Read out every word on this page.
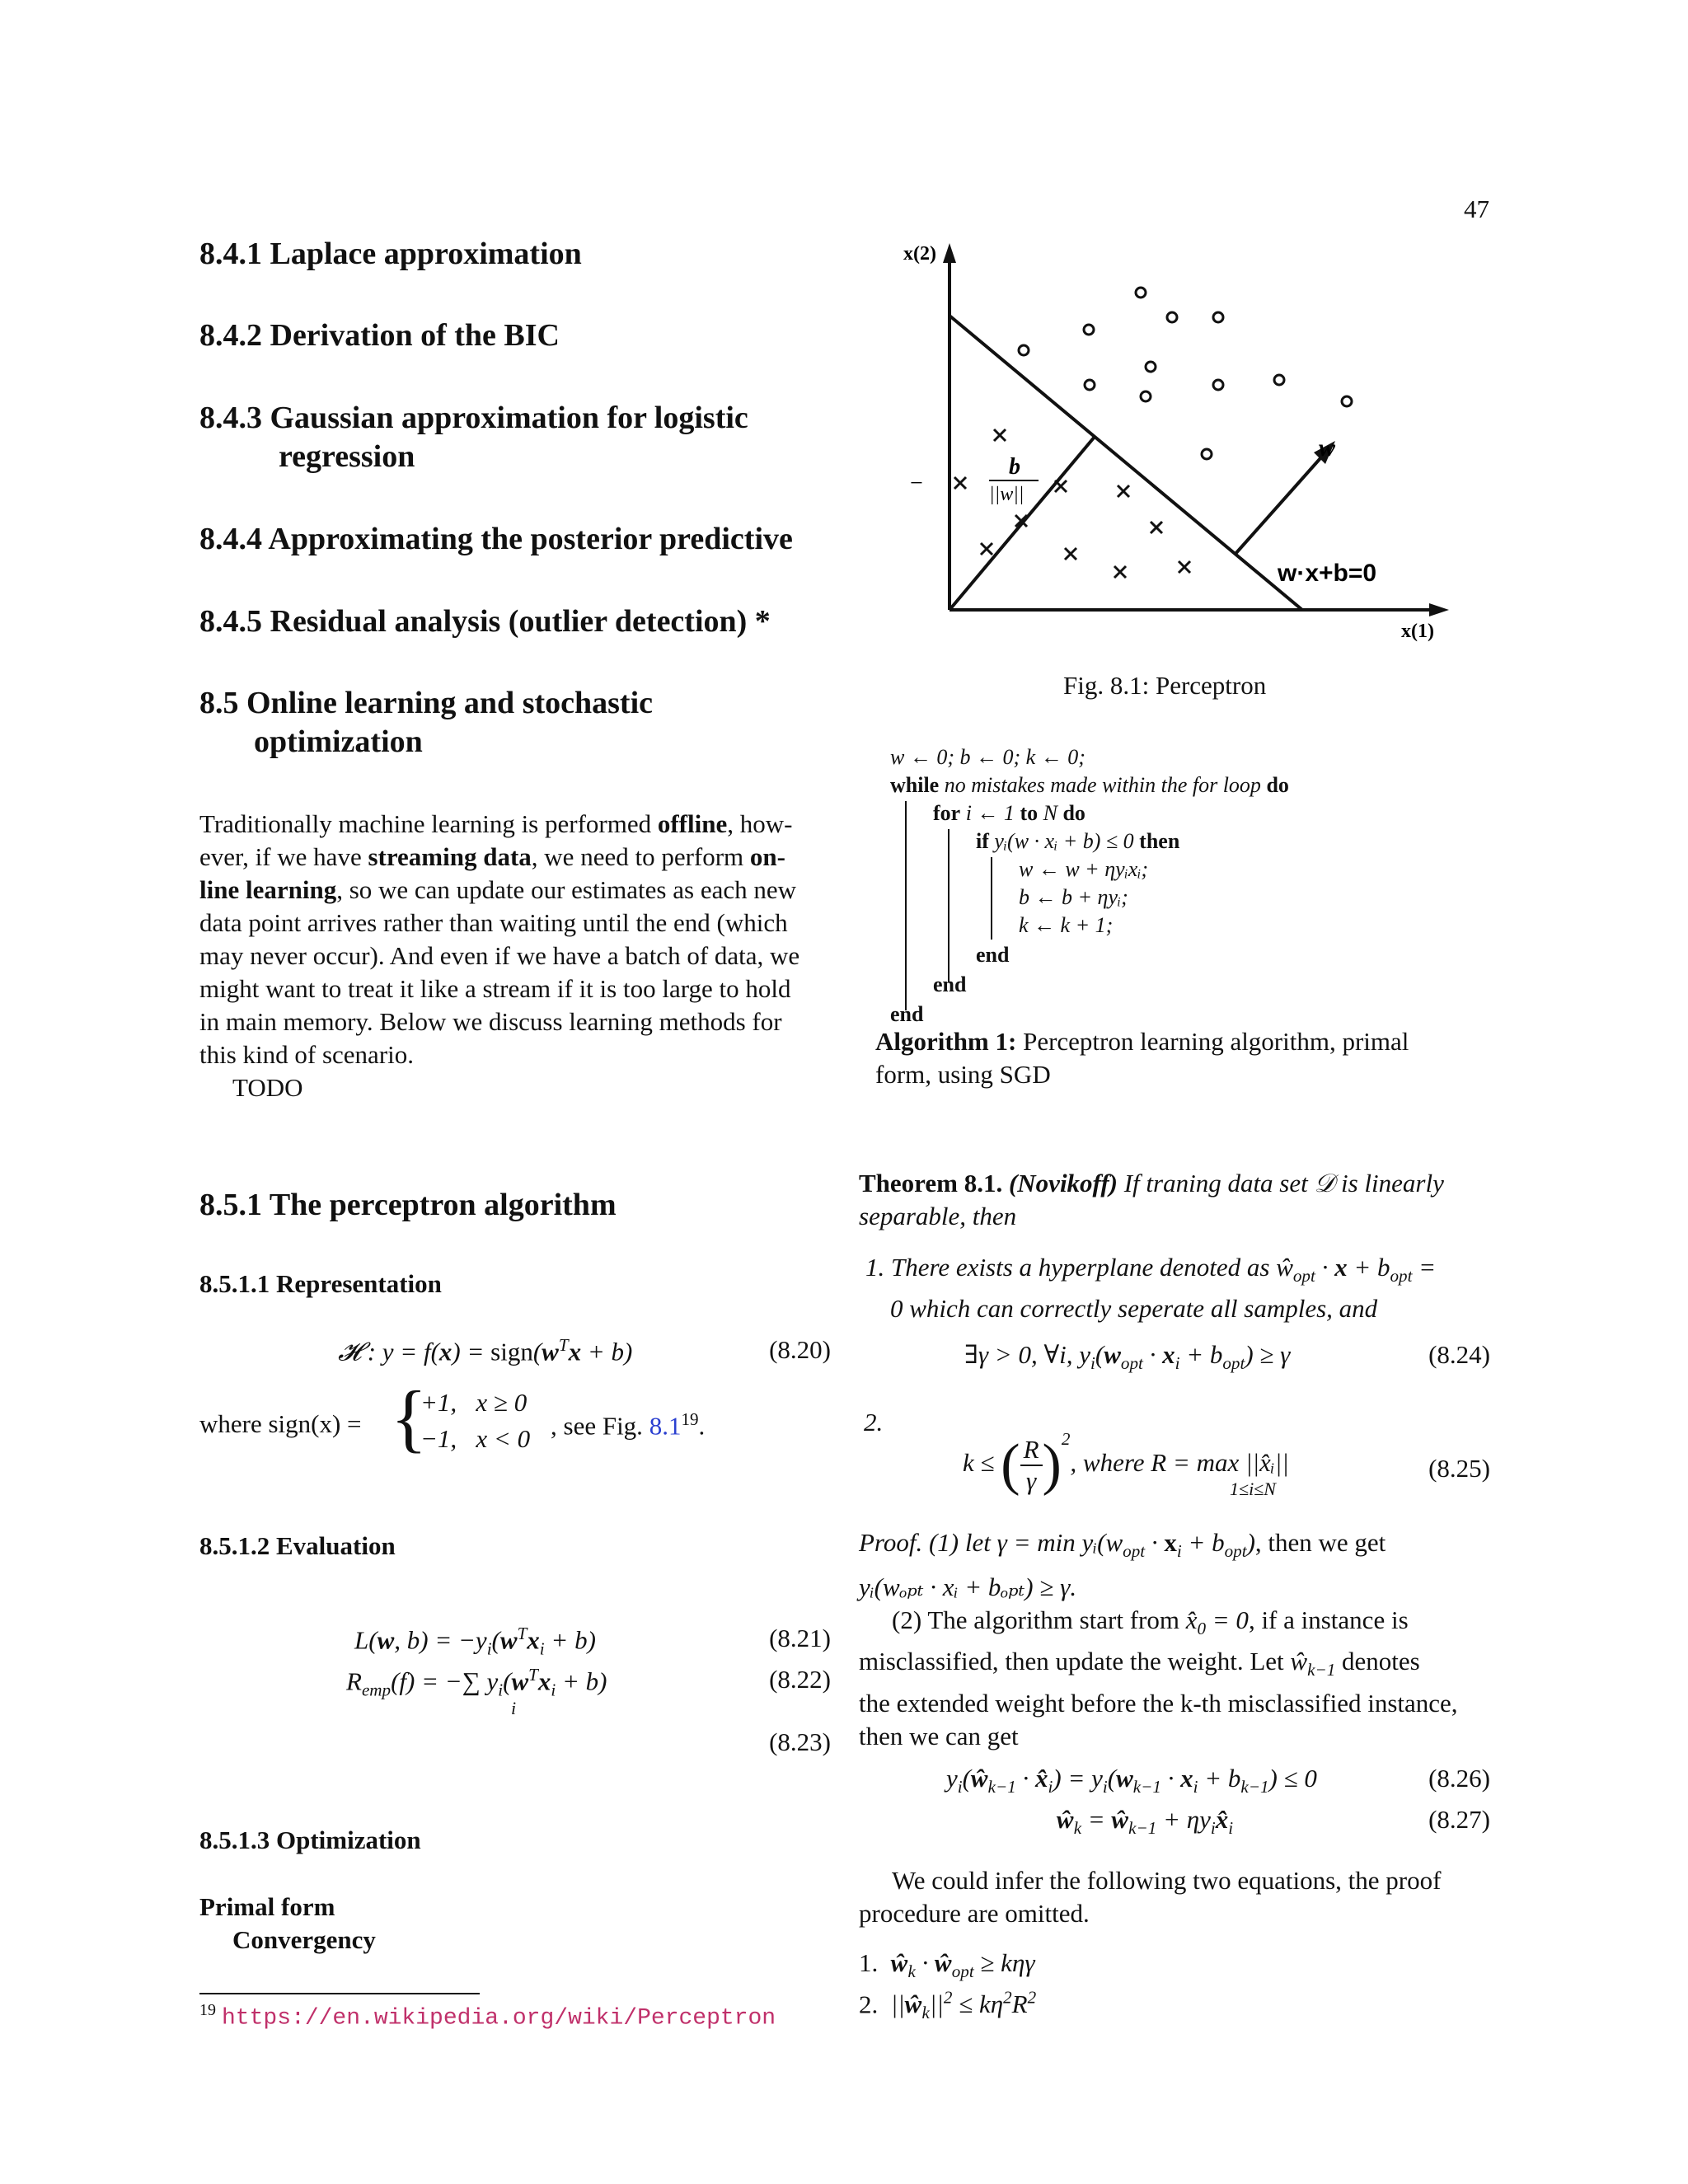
47
8.4.1 Laplace approximation
8.4.2 Derivation of the BIC
8.4.3 Gaussian approximation for logistic
regression
8.4.4 Approximating the posterior predictive
8.4.5 Residual analysis (outlier detection) *
8.5 Online learning and stochastic
optimization
Traditionally machine learning is performed offline, how-
ever, if we have streaming data, we need to perform on-
line learning, so we can update our estimates as each new
data point arrives rather than waiting until the end (which
may never occur). And even if we have a batch of data, we
might want to treat it like a stream if it is too large to hold
in main memory. Below we discuss learning methods for
this kind of scenario.
TODO
8.5.1 The perceptron algorithm
8.5.1.1 Representation
𝓗 : $y = f(x) = sign(w^Tx + b)$	(8.20)
where sign(x) = {
+1,   x ≥ 0
−1,   x < 0 , see Fig. $8.1^{19}$.
8.5.1.2 Evaluation
L(w, $b) = -y_i(w^Tx_i + b)$	(8.21)
$R_{emp}(f)$ = −∑ $y_i(w^Tx_i + b)$
i
(8.22)
(8.23)
8.5.1.3 Optimization
Primal form
Convergency
$^{19}$ https://en.wikipedia.org/wiki/Perceptron
x(2)
x(1)
w
w·x+b=0
−
b
||w||
Fig. 8.1: Perceptron
w ← 0; b ← 0; k ← 0;
while no mistakes made within the for loop do
for i ← 1 to N do
if yᵢ(w · xᵢ + b) ≤ 0 then
w ← w + ηyᵢxᵢ;
b ← b + ηyᵢ;
k ← k + 1;
end
end
end
Algorithm 1: Perceptron learning algorithm, primal
form, using SGD
Theorem 8.1. (Novikoff) If traning data set 𝒟 is linearly
separable, then
1. There exists a hyperplane denoted as $ŵ_{opt} \cdot x + b_{opt}$ =
0 which can correctly seperate all samples, and
∃γ > 0, ∀i, $y_i(w_{opt} \cdot x_i + b_{opt}) \ge \gamma$	(8.24)
2.
k ≤ ( $\frac{R}{\gamma} )^2$, where R = max ||x̂ᵢ||
1≤i≤N
(8.25)
Proof. (1) let $\gamma = \min yᵢ(w_{opt} \cdot x_i + b_{opt})$, then we get
yᵢ(wₒₚₜ · xᵢ + bₒₚₜ) ≥ γ.
(2) The algorithm start from $x̂_0 = 0$, if a instance is
misclassified, then update the weight. Let $ŵ_{k-1}$ denotes
the extended weight before the k-th misclassified instance,
then we can get
$y_i(ŵ_{k-1}$ · $x̂_i) = y_i(w_{k-1} \cdot x_i + b_{k-1}) \le 0$	(8.26)
$ŵ_k$ = $ŵ_{k-1}$ + $\eta y_ix̂_i$	(8.27)
We could infer the following two equations, the proof
procedure are omitted.
1.  $ŵ_k$ · $ŵ_{opt} \ge k\eta\gamma$
2.  $||ŵ_k||^2 \le k\eta^2R^2$
